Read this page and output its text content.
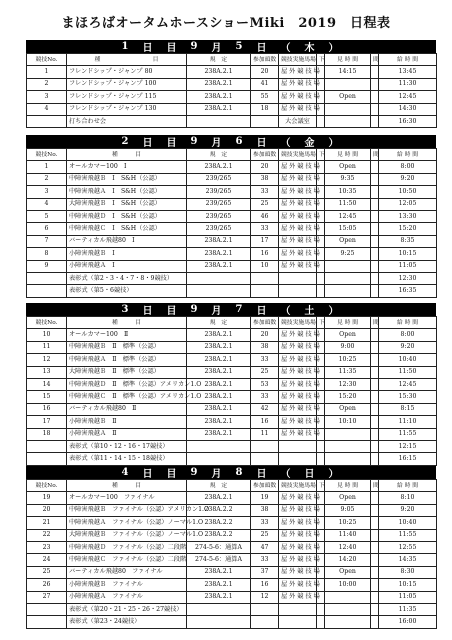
まほろばオータムホースショーMiki　2019　日程表
1 日 目 9 月 5 日 （ 木 ）
競技No.	種　　　　　　　　　目	規　定	参加頭数	競技実施馬場	下	見 時 間	間	給 時 間
1	フレンドシップ・ジャンプ 80	238A.2.1	20	屋 外 競 技 場		14:15		13:45
2	フレンドシップ・ジャンプ 100	238A.2.1	41	屋 外 競 技 場				11:30
3	フレンドシップ・ジャンプ 115	238A.2.1	55	屋 外 競 技 場		Open		12:45
4	フレンドシップ・ジャンプ 130	238A.2.1	18	屋 外 競 技 場				14:30
	打ち合わせ会			大会議室				16:30
2 日 目 9 月 6 日 （ 金 ）
競技No.	種　　　目	規　定	参加頭数	競技実施馬場	下	見 時 間	間	給 時 間
1	オールカマー100　Ⅰ	238A.2.1	20	屋 外 競 技 場		Open		8:00
2	中障害飛越Ｂ　Ⅰ　S&H（公認）	239/265	38	屋 外 競 技 場		9:35		9:20
3	中障害飛越Ａ　Ⅰ　S&H（公認）	239/265	33	屋 外 競 技 場		10:35		10:50
4	大障害飛越Ｂ　Ⅰ　S&H（公認）	239/265	25	屋 外 競 技 場		11:50		12:05
5	中障害飛越Ｄ　Ⅰ　S&H（公認）	239/265	46	屋 外 競 技 場		12:45		13:30
6	中障害飛越Ｃ　Ⅰ　S&H（公認）	239/265	33	屋 外 競 技 場		15:05		15:20
7	バーティカル飛越80　Ⅰ	238A.2.1	17	屋 外 競 技 場		Open		8:35
8	小障害飛越Ｂ　Ⅰ	238A.2.1	16	屋 外 競 技 場		9:25		10:15
9	小障害飛越Ａ　Ⅰ	238A.2.1	10	屋 外 競 技 場				11:05
	表彰式（第2・3・4・7・8・9競技）							12:30
	表彰式（第5・6競技）							16:35
3 日 目 9 月 7 日 （ 土 ）
競技No.	種　　　目	規　定	参加頭数	競技実施馬場	下	見 時 間	間	給 時 間
10	オールカマー100　Ⅱ	238A.2.1	20	屋 外 競 技 場		Open		8:00
11	中障害飛越Ｂ　Ⅱ　標準（公認）	238A.2.1	38	屋 外 競 技 場		9:00		9:20
12	中障害飛越Ａ　Ⅱ　標準（公認）	238A.2.1	33	屋 外 競 技 場		10:25		10:40
13	大障害飛越Ｂ　Ⅱ　標準（公認）	238A.2.1	25	屋 外 競 技 場		11:35		11:50
14	中障害飛越Ｄ　Ⅱ　標準（公認）アメリカン1.O	238A.2.1	53	屋 外 競 技 場		12:30		12:45
15	中障害飛越Ｃ　Ⅱ　標準（公認）アメリカン1.O	238A.2.1	33	屋 外 競 技 場		15:20		15:30
16	バーティカル飛越80　Ⅱ	238A.2.1	42	屋 外 競 技 場		Open		8:15
17	小障害飛越Ｂ　Ⅱ	238A.2.1	16	屋 外 競 技 場		10:10		11:10
18	小障害飛越Ａ　Ⅱ	238A.2.1	11	屋 外 競 技 場				11:55
	表彰式（第10・12・16・17競技）							12:15
	表彰式（第11・14・15・18競技）							16:15
4 日 目 9 月 8 日 （ 日 ）
競技No.	種　　　目	規　定	参加頭数	競技実施馬場	下	見 時 間	間	給 時 間
19	オールカマー100　ファイナル	238A.2.1	19	屋 外 競 技 場		Open		8:10
20	中障害飛越Ｂ　ファイナル（公認）アメリカン1.O	238A.2.2	38	屋 外 競 技 場		9:05		9:20
21	中障害飛越Ａ　ファイナル（公認）ノーマル1.O	238A.2.2	33	屋 外 競 技 場		10:25		10:40
22	大障害飛越Ｂ　ファイナル（公認）ノーマル1.O	238A.2.2	25	屋 外 競 技 場		11:40		11:55
23	中障害飛越Ｄ　ファイナル（公認）二段階	274-5-6：通算A	47	屋 外 競 技 場		12:40		12:55
24	中障害飛越Ｃ　ファイナル（公認）二段階	274-5-6：通算A	33	屋 外 競 技 場		14:20		14:35
25	バーティカル飛越80　ファイナル	238A.2.1	37	屋 外 競 技 場		Open		8:30
26	小障害飛越Ｂ　ファイナル	238A.2.1	16	屋 外 競 技 場		10:00		10:15
27	小障害飛越Ａ　ファイナル	238A.2.1	12	屋 外 競 技 場				11:05
	表彰式（第20・21・25・26・27競技）							11:35
	表彰式（第23・24競技）							16:00
